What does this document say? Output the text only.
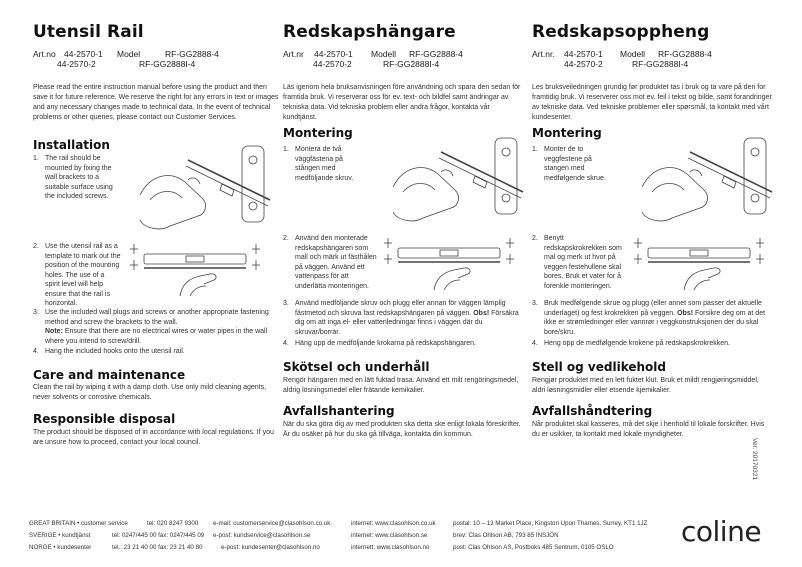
Utensil Rail
Art.no 44-2570-1 Model	RF-GG2888-4
44-2570-2	RF-GG2888I-4

Please read the entire instruction manual before using the product and then save it for future reference. We reserve the right for any errors in text or images and any necessary changes made to technical data. In the event of technical problems or other queries, please contact our Customer Services.

Redskapshängare
Art.nr 44-2570-1 Modell RF-GG2888-4
44-2570-2	RF-GG2888I-4

Läs igenom hela bruksanvisningen före användning och spara den sedan för framtida bruk. Vi reserverar oss för ev. text- och bildfel samt ändringar av tekniska data. Vid tekniska problem eller andra frågor, kontakta vår kundtjänst.

Redskapsoppheng
Art.nr. 44-2570-1 Modell RF-GG2888-4
44-2570-2	RF-GG2888I-4

Les bruksveiledningen grundig før produktet tas i bruk og ta vare på den for framtidig bruk. Vi reserverer oss mot ev. feil i tekst og bilde, samt forandringer av tekniske data. Ved tekniske problemer eller spørsmål, ta kontakt med vårt kundesenter.

Installation
1. The rail should be mounted by fixing the wall brackets to a suitable surface using the included screws.
2. Use the utensil rail as a template to mark out the position of the mounting holes. The use of a spirit level will help ensure that the rail is horizontal.
3. Use the included wall plugs and screws or another appropriate fastening method and screw the brackets to the wall.
Note: Ensure that there are no electrical wires or water pipes in the wall where you intend to screw/drill.
4. Hang the included hooks onto the utensil rail.
Care and maintenance

Clean the rail by wiping it with a damp cloth. Use only mild cleaning agents, never solvents or corrosive chemicals.

Responsible disposal

The product should be disposed of in accordance with local regulations. If you are unsure how to proceed, contact your local council.

Montering
1. Montera de två väggfästena på stången med medföljande skruv.
2. Använd den monterade redskapshängaren som mall och märk ut fästhålen på väggen. Använd ett vattenpass för att underlätta monteringen.
3. Använd medföljande skruv och plugg eller annan för väggen lämplig fästmetod och skruva fast redskapshängaren på väggen. Obs! Försäkra dig om att inga el- eller vattenledningar finns i väggen där du skruvar/borrar.
4. Häng upp de medföljande krokarna på redskapshängaren.
Skötsel och underhåll

Rengör hängaren med en lätt fuktad trasa. Använd ett milt rengöringsmedel, aldrig lösningsmedel eller frätande kemikalier.

Avfallshantering

När du ska göra dig av med produkten ska detta ske enligt lokala föreskrifter. Är du osäker på hur du ska gå tillväga, kontakta din kommun.

Montering
1. Monter de to veggfestene på stangen med medfølgende skrue.
2. Benytt redskapskrokrekken som mal og merk ut hvor på veggen festehullene skal bores. Bruk et vater for å forenkle monteringen.
3. Bruk medfølgende skrue og plugg (eller annet som passer det aktuelle underlaget) og fest krokrekken på veggen. Obs! Forsikre deg om at det ikke er strømledninger eller vannrør i veggkonstruksjonen der du skal bore/skru.
4. Heng opp de medfølgende krokene på redskapskrokrekken.
Stell og vedlikehold

Rengjør produktet med en lett fuktet klut. Bruk et mildt rengjøringsmiddel, aldri løsningsmidler eller etsende kjemikalier.

Avfallshåndtering

Når produktet skal kasseres, må det skje i henhold til lokale forskrifter. Hvis du er usikker, ta kontakt med lokale myndigheter.

GREAT BRITAIN • customer service	tel: 020 8247 9300 e-mail: customerservice@clasohlson.co.uk	internet: www.clasohlson.co.uk	postal: 10 – 13 Market Place, Kingston Upon Thames, Surrey, KT1 1JZ
SVERIGE • kundtjänst	tel: 0247/445 00 fax: 0247/445 09 e-post: kundservice@clasohlson.se	internet: www.clasohlson.se	brev: Clas Ohlson AB, 793 85 INSJÖN
NORGE • kundesenter	tel.: 23 21 40 00 fax: 23 21 40 80	e-post: kundesenter@clasohlson.no	internett: www.clasohlson.no	post: Clas Ohlson AS, Postboks 485 Sentrum, 0105 OSLO coline
Ver. 20170321
